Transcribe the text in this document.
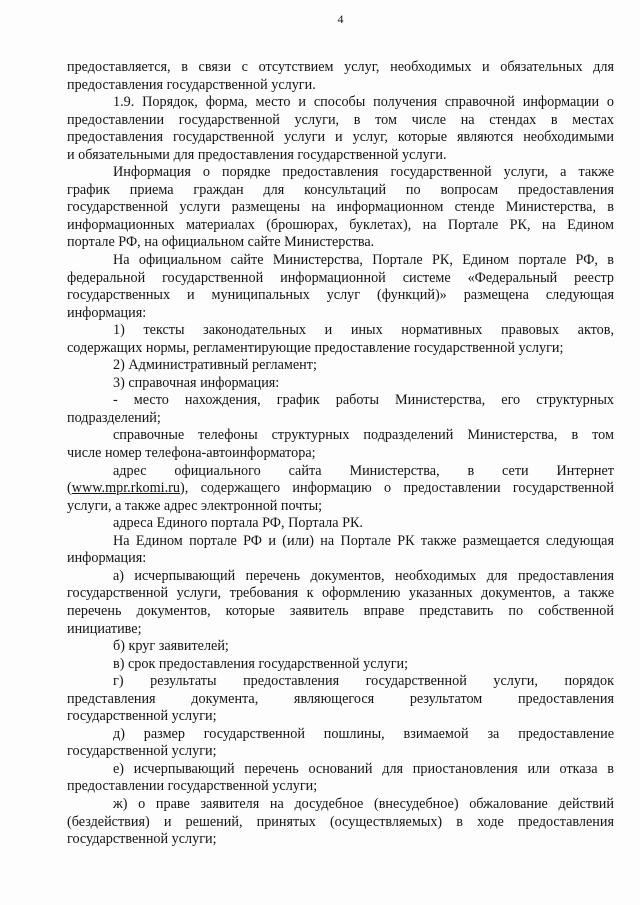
4
предоставляется, в связи с отсутствием услуг, необходимых и обязательных для
предоставления государственной услуги.
1.9. Порядок, форма, место и способы получения справочной информации о
предоставлении государственной услуги, в том числе на стендах в местах
предоставления государственной услуги и услуг, которые являются необходимыми
и обязательными для предоставления государственной услуги.
Информация о порядке предоставления государственной услуги, а также
график приема граждан для консультаций по вопросам предоставления
государственной услуги размещены на информационном стенде Министерства, в
информационных материалах (брошюрах, буклетах), на Портале РК, на Едином
портале РФ, на официальном сайте Министерства.
На официальном сайте Министерства, Портале РК, Едином портале РФ, в
федеральной государственной информационной системе «Федеральный реестр
государственных и муниципальных услуг (функций)» размещена следующая
информация:
1) тексты законодательных и иных нормативных правовых актов,
содержащих нормы, регламентирующие предоставление государственной услуги;
2) Административный регламент;
3) справочная информация:
- место нахождения, график работы Министерства, его структурных
подразделений;
справочные телефоны структурных подразделений Министерства, в том
числе номер телефона-автоинформатора;
адрес официального сайта Министерства, в сети Интернет
(www.mpr.rkomi.ru), содержащего информацию о предоставлении государственной
услуги, а также адрес электронной почты;
адреса Единого портала РФ, Портала РК.
На Едином портале РФ и (или) на Портале РК также размещается следующая
информация:
а) исчерпывающий перечень документов, необходимых для предоставления
государственной услуги, требования к оформлению указанных документов, а также
перечень документов, которые заявитель вправе представить по собственной
инициативе;
б) круг заявителей;
в) срок предоставления государственной услуги;
г) результаты предоставления государственной услуги, порядок
представления документа, являющегося результатом предоставления
государственной услуги;
д) размер государственной пошлины, взимаемой за предоставление
государственной услуги;
е) исчерпывающий перечень оснований для приостановления или отказа в
предоставлении государственной услуги;
ж) о праве заявителя на досудебное (внесудебное) обжалование действий
(бездействия) и решений, принятых (осуществляемых) в ходе предоставления
государственной услуги;
